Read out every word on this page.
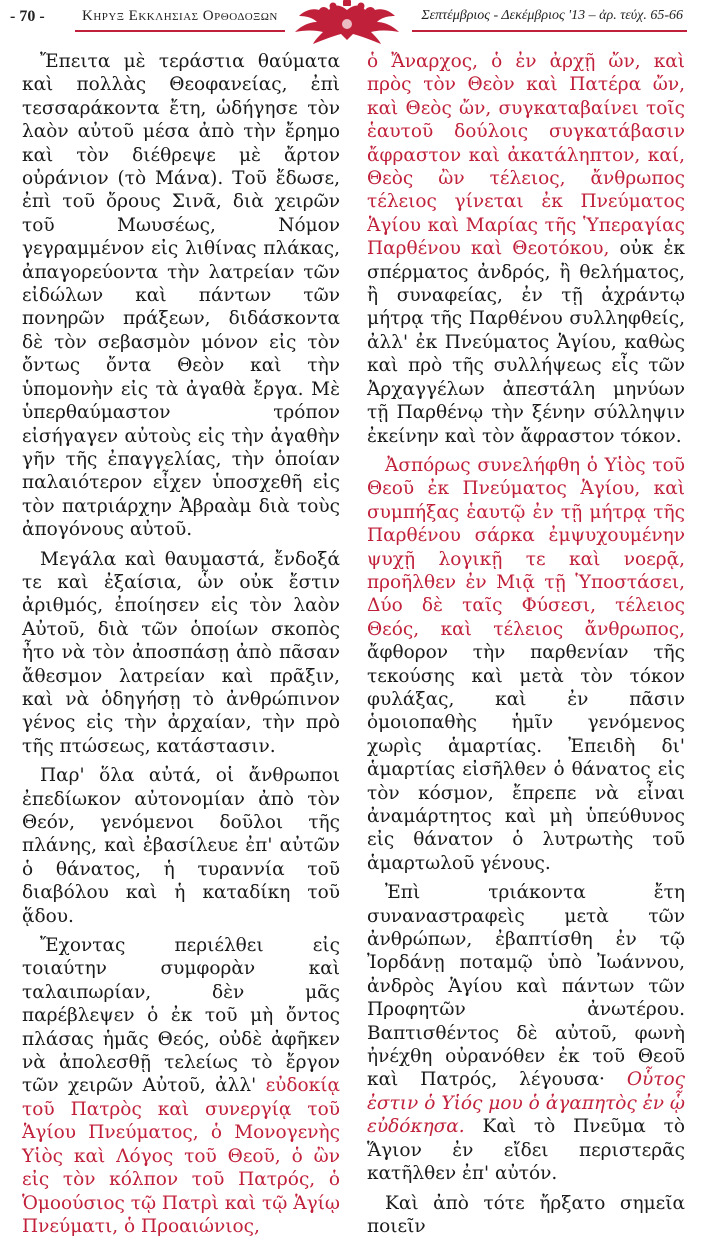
- 70 - Κηρυξ Εκκλησιας Ορθοδοξων	Σεπτέμβριος - Δεκέμβριος '13 – ἀρ. τεύχ. 65-66

Ἔπειτα μὲ τεράστια θαύματα καὶ πολλὰς Θεοφανείας, ἐπὶ τεσσαράκοντα ἔτη, ὡδήγησε τὸν λαὸν αὐτοῦ μέσα ἀπὸ τὴν ἔρημο καὶ τὸν διέθρεψε μὲ ἄρτον οὐράνιον (τὸ Μάνα). Τοῦ ἔδωσε, ἐπὶ τοῦ ὄρους Σινᾶ, διὰ χειρῶν τοῦ Μωυσέως, Νόμον γεγραμμένον εἰς λιθίνας πλάκας, ἀπαγορεύοντα τὴν λατρείαν τῶν εἰδώλων καὶ πάντων τῶν πονηρῶν πράξεων, διδάσκοντα δὲ τὸν σεβασμὸν μόνον εἰς τὸν ὄντως ὄντα Θεὸν καὶ τὴν ὑπομονὴν εἰς τὰ ἀγαθὰ ἔργα. Μὲ ὑπερθαύμαστον τρόπον εἰσήγαγεν αὐτοὺς εἰς τὴν ἀγαθὴν γῆν τῆς ἐπαγγελίας, τὴν ὁποίαν παλαιότερον εἶχεν ὑποσχεθῆ εἰς τὸν πατριάρχην Ἀβραὰμ διὰ τοὺς ἀπογόνους αὐτοῦ.

Μεγάλα καὶ θαυμαστά, ἔνδοξά τε καὶ ἐξαίσια, ὧν οὐκ ἔστιν ἀριθμός, ἐποίησεν εἰς τὸν λαὸν Αὐτοῦ, διὰ τῶν ὁποίων σκοπὸς ἦτο νὰ τὸν ἀποσπάσῃ ἀπὸ πᾶσαν ἄθεσμον λατρείαν καὶ πρᾶξιν, καὶ νὰ ὁδηγήσῃ τὸ ἀνθρώπινον γένος εἰς τὴν ἀρχαίαν, τὴν πρὸ τῆς πτώσεως, κατάστασιν.

Παρ' ὅλα αὐτά, οἱ ἄνθρωποι ἐπεδίωκον αὐτονομίαν ἀπὸ τὸν Θεόν, γενόμενοι δοῦλοι τῆς πλάνης, καὶ ἐβασίλευε ἐπ' αὐτῶν ὁ θάνατος, ἡ τυραννία τοῦ διαβόλου καὶ ἡ καταδίκη τοῦ ᾅδου.

Ἔχοντας περιέλθει εἰς τοιαύτην συμφορὰν καὶ ταλαιπωρίαν, δὲν μᾶς παρέβλεψεν ὁ ἐκ τοῦ μὴ ὄντος πλάσας ἡμᾶς Θεός, οὐδὲ ἀφῆκεν νὰ ἀπολεσθῇ τελείως τὸ ἔργον τῶν χειρῶν Αὐτοῦ, ἀλλ' εὐδοκίᾳ τοῦ Πατρὸς καὶ συνεργίᾳ τοῦ Ἁγίου Πνεύματος, ὁ Μονογενὴς Υἱὸς καὶ Λόγος τοῦ Θεοῦ, ὁ ὢν εἰς τὸν κόλπον τοῦ Πατρός, ὁ Ὁμοούσιος τῷ Πατρὶ καὶ τῷ Ἁγίῳ Πνεύματι, ὁ Προαιώνιος,

ὁ Ἄναρχος, ὁ ἐν ἀρχῇ ὤν, καὶ πρὸς τὸν Θεὸν καὶ Πατέρα ὤν, καὶ Θεὸς ὤν, συγκαταβαίνει τοῖς ἑαυτοῦ δούλοις συγκατάβασιν ἄφραστον καὶ ἀκατάληπτον, καί, Θεὸς ὢν τέλειος, ἄνθρωπος τέλειος γίνεται ἐκ Πνεύματος Ἁγίου καὶ Μαρίας τῆς Ὑπεραγίας Παρθένου καὶ Θεοτόκου, οὐκ ἐκ σπέρματος ἀνδρός, ἢ θελήματος, ἢ συναφείας, ἐν τῇ ἀχράντῳ μήτρᾳ τῆς Παρθένου συλληφθείς, ἀλλ' ἐκ Πνεύματος Ἁγίου, καθὼς καὶ πρὸ τῆς συλλήψεως εἶς τῶν Ἀρχαγγέλων ἀπεστάλη μηνύων τῇ Παρθένῳ τὴν ξένην σύλληψιν ἐκείνην καὶ τὸν ἄφραστον τόκον.

Ἀσπόρως συνελήφθη ὁ Υἱὸς τοῦ Θεοῦ ἐκ Πνεύματος Ἁγίου, καὶ συμπήξας ἑαυτῷ ἐν τῇ μήτρᾳ τῆς Παρθένου σάρκα ἐμψυχουμένην ψυχῇ λογικῇ τε καὶ νοερᾷ, προῆλθεν ἐν Μιᾷ τῇ Ὑποστάσει, Δύο δὲ ταῖς Φύσεσι, τέλειος Θεός, καὶ τέλειος ἄνθρωπος, ἄφθορον τὴν παρθενίαν τῆς τεκούσης καὶ μετὰ τὸν τόκον φυλάξας, καὶ ἐν πᾶσιν ὁμοιοπαθὴς ἡμῖν γενόμενος χωρὶς ἁμαρτίας. Ἐπειδὴ δι' ἁμαρτίας εἰσῆλθεν ὁ θάνατος εἰς τὸν κόσμον, ἔπρεπε νὰ εἶναι ἀναμάρτητος καὶ μὴ ὑπεύθυνος εἰς θάνατον ὁ λυτρωτὴς τοῦ ἁμαρτωλοῦ γένους.

Ἐπὶ τριάκοντα ἔτη συναναστραφεὶς μετὰ τῶν ἀνθρώπων, ἐβαπτίσθη ἐν τῷ Ἰορδάνῃ ποταμῷ ὑπὸ Ἰωάννου, ἀνδρὸς Ἁγίου καὶ πάντων τῶν Προφητῶν ἀνωτέρου. Βαπτισθέντος δὲ αὐτοῦ, φωνὴ ἠνέχθη οὐρανόθεν ἐκ τοῦ Θεοῦ καὶ Πατρός, λέγουσα· Οὗτος ἐστιν ὁ Υἱός μου ὁ ἀγαπητὸς ἐν ᾧ εὐδόκησα. Καὶ τὸ Πνεῦμα τὸ Ἅγιον ἐν εἴδει περιστερᾶς κατῆλθεν ἐπ' αὐτόν.

Καὶ ἀπὸ τότε ἤρξατο σημεῖα ποιεῖν
